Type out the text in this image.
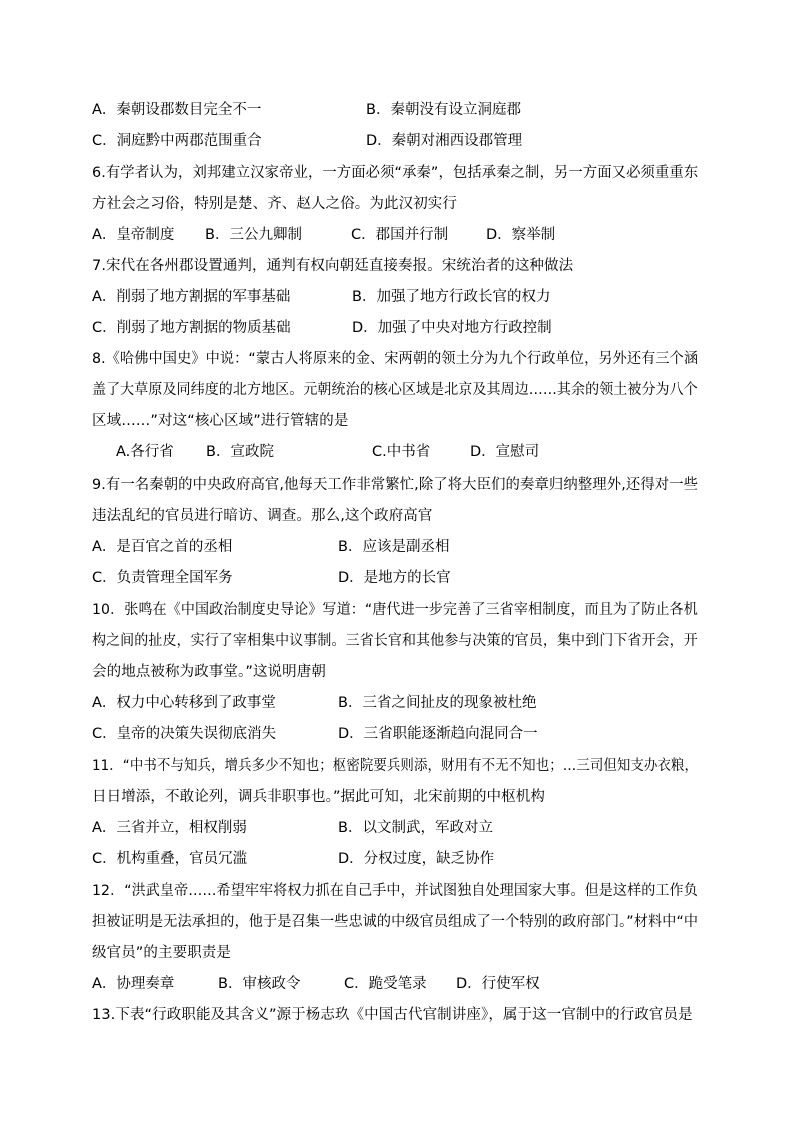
A．秦朝设郡数目完全不一	B．秦朝没有设立洞庭郡
C．洞庭黔中两郡范围重合	D．秦朝对湘西设郡管理
6.有学者认为，刘邦建立汉家帝业，一方面必须“承秦”，包括承秦之制，另一方面又必须重重东
方社会之习俗，特别是楚、齐、赵人之俗。为此汉初实行
A．皇帝制度 B．三公九卿制	C．郡国并行制	D．察举制
7.宋代在各州郡设置通判，通判有权向朝廷直接奏报。宋统治者的这种做法
A．削弱了地方割据的军事基础	B．加强了地方行政长官的权力
C．削弱了地方割据的物质基础	D．加强了中央对地方行政控制
8.《哈佛中国史》中说：“蒙古人将原来的金、宋两朝的领土分为九个行政单位，另外还有三个涵
盖了大草原及同纬度的北方地区。元朝统治的核心区域是北京及其周边……其余的领土被分为八个
区域……”对这“核心区域”进行管辖的是
A.各行省 B．宣政院	C.中书省	D．宣慰司
9.有一名秦朝的中央政府高官,他每天工作非常繁忙,除了将大臣们的奏章归纳整理外,还得对一些
违法乱纪的官员进行暗访、调查。那么,这个政府高官
A．是百官之首的丞相	B．应该是副丞相
C．负责管理全国军务	D．是地方的长官
10．张鸣在《中国政治制度史导论》写道：“唐代进一步完善了三省宰相制度，而且为了防止各机
构之间的扯皮，实行了宰相集中议事制。三省长官和其他参与决策的官员，集中到门下省开会，开
会的地点被称为政事堂。”这说明唐朝
A．权力中心转移到了政事堂	B．三省之间扯皮的现象被杜绝
C．皇帝的决策失误彻底消失	D．三省职能逐渐趋向混同合一
11．“中书不与知兵，增兵多少不知也；枢密院要兵则添，财用有不无不知也；…三司但知支办衣粮，
日日增添，不敢论列，调兵非职事也。”据此可知，北宋前期的中枢机构
A．三省并立，相权削弱	B．以文制武，军政对立
C．机构重叠，官员冗滥	D．分权过度，缺乏协作
12．“洪武皇帝……希望牢牢将权力抓在自己手中，并试图独自处理国家大事。但是这样的工作负
担被证明是无法承担的，他于是召集一些忠诚的中级官员组成了一个特别的政府部门。”材料中“中
级官员”的主要职责是
A．协理奏章	B．审核政令	C．跪受笔录 D．行使军权
13.下表“行政职能及其含义”源于杨志玖《中国古代官制讲座》，属于这一官制中的行政官员是
